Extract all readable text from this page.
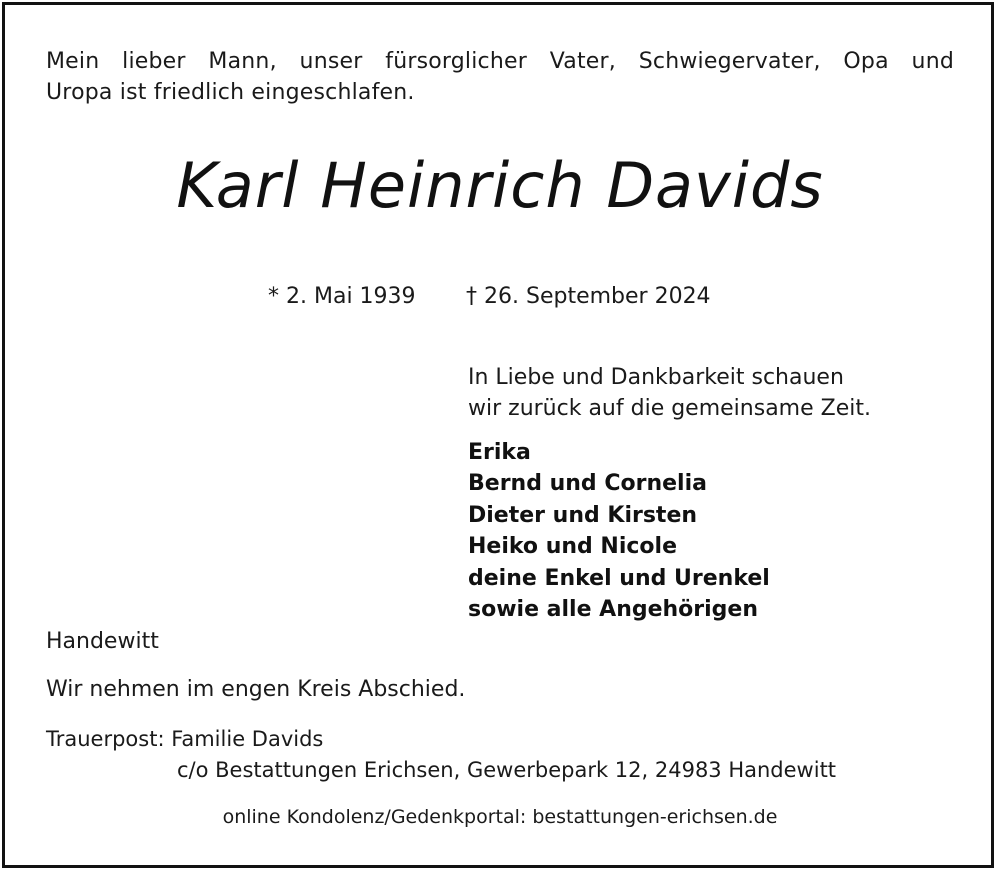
Mein lieber Mann, unser fürsorglicher Vater, Schwiegervater, Opa und
Uropa ist friedlich eingeschlafen.
Karl Heinrich Davids
* 2. Mai 1939 † 26. September 2024
In Liebe und Dankbarkeit schauen
wir zurück auf die gemeinsame Zeit.
Erika
Bernd und Cornelia
Dieter und Kirsten
Heiko und Nicole
deine Enkel und Urenkel
sowie alle Angehörigen
Handewitt
Wir nehmen im engen Kreis Abschied.
Trauerpost: Familie Davids
c/o Bestattungen Erichsen, Gewerbepark 12, 24983 Handewitt
online Kondolenz/Gedenkportal: bestattungen-erichsen.de
